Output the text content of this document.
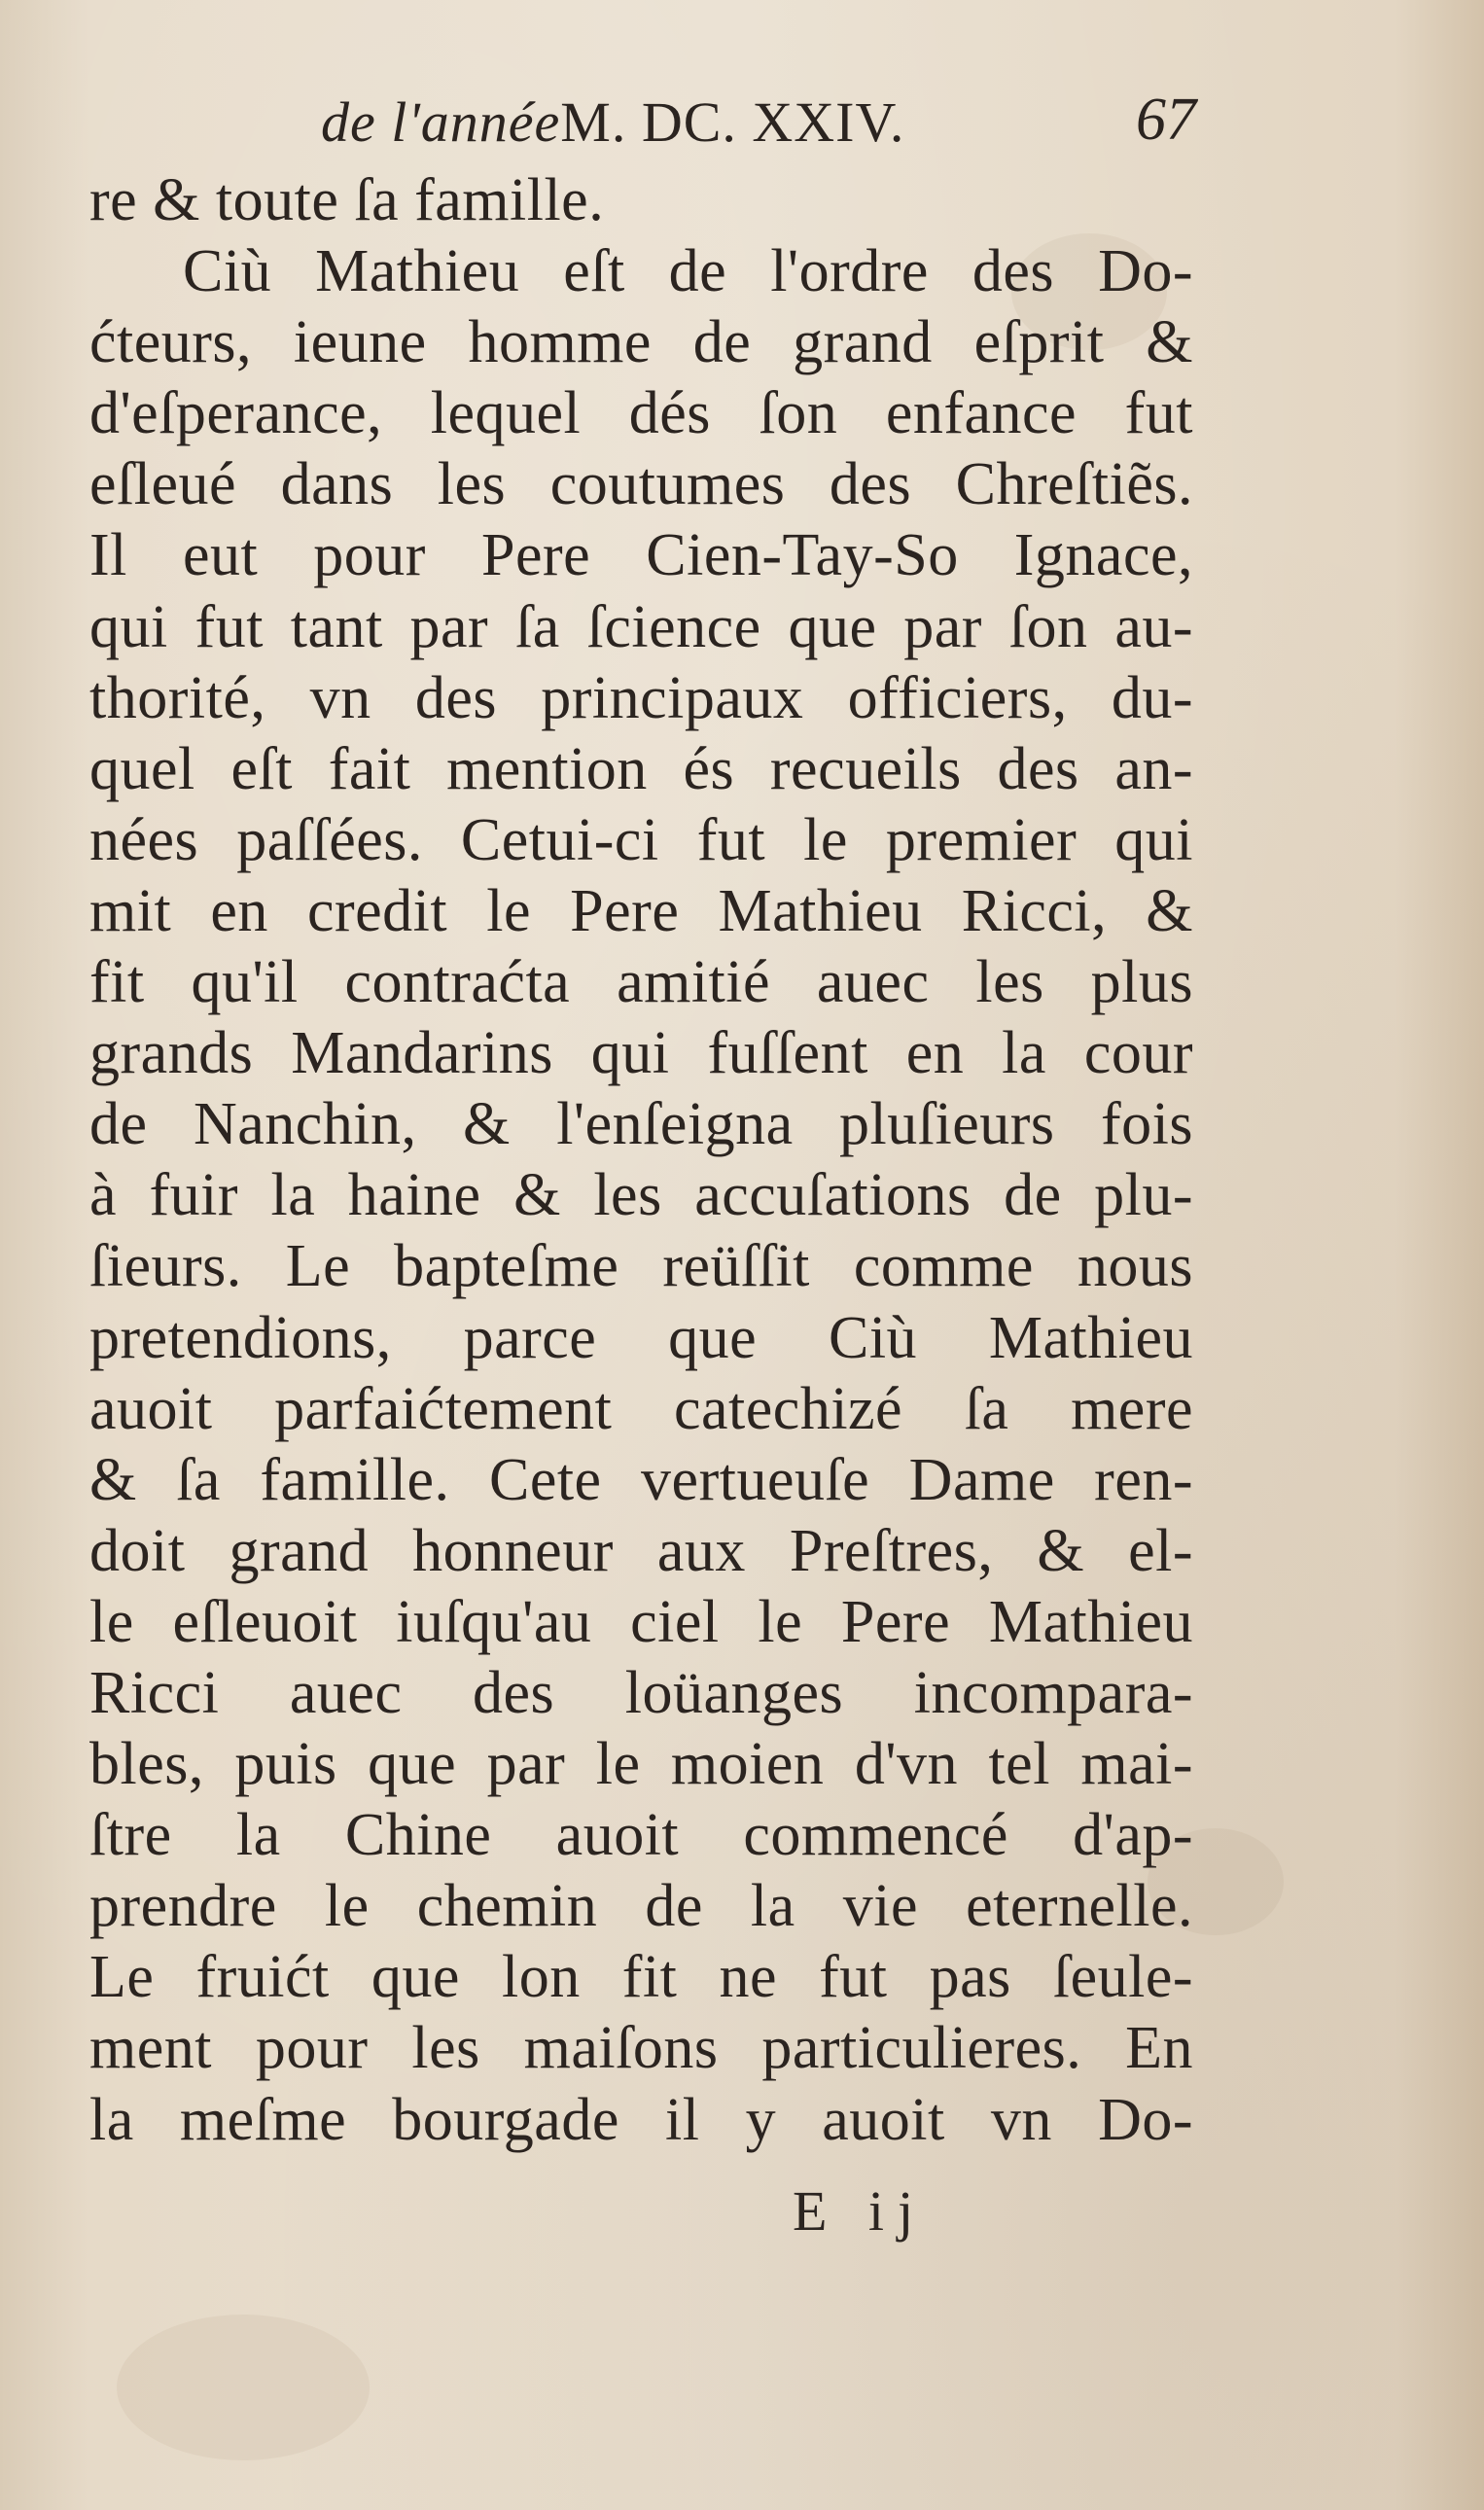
de l'annéeM. DC. XXIV.	67
re & toute ſa famille.
Ciù Mathieu eſt de l'ordre des Do-
ćteurs, ieune homme de grand eſprit &
d'eſperance, lequel dés ſon enfance fut
eſleué dans les coutumes des Chreſtiẽs.
Il eut pour Pere Cien-Tay-So Ignace,
qui fut tant par ſa ſcience que par ſon au-
thorité, vn des principaux officiers, du-
quel eſt fait mention és recueils des an-
nées paſſées. Cetui-ci fut le premier qui
mit en credit le Pere Mathieu Ricci, &
fit qu'il contraćta amitié auec les plus
grands Mandarins qui fuſſent en la cour
de Nanchin, & l'enſeigna pluſieurs fois
à fuir la haine & les accuſations de plu-
ſieurs. Le bapteſme reüſſit comme nous
pretendions, parce que Ciù Mathieu
auoit parfaićtement catechizé ſa mere
& ſa famille. Cete vertueuſe Dame ren-
doit grand honneur aux Preſtres, & el-
le eſleuoit iuſqu'au ciel le Pere Mathieu
Ricci auec des loüanges incompara-
bles, puis que par le moien d'vn tel mai-
ſtre la Chine auoit commencé d'ap-
prendre le chemin de la vie eternelle.
Le fruićt que lon fit ne fut pas ſeule-
ment pour les maiſons particulieres. En
la meſme bourgade il y auoit vn Do-
E ij
